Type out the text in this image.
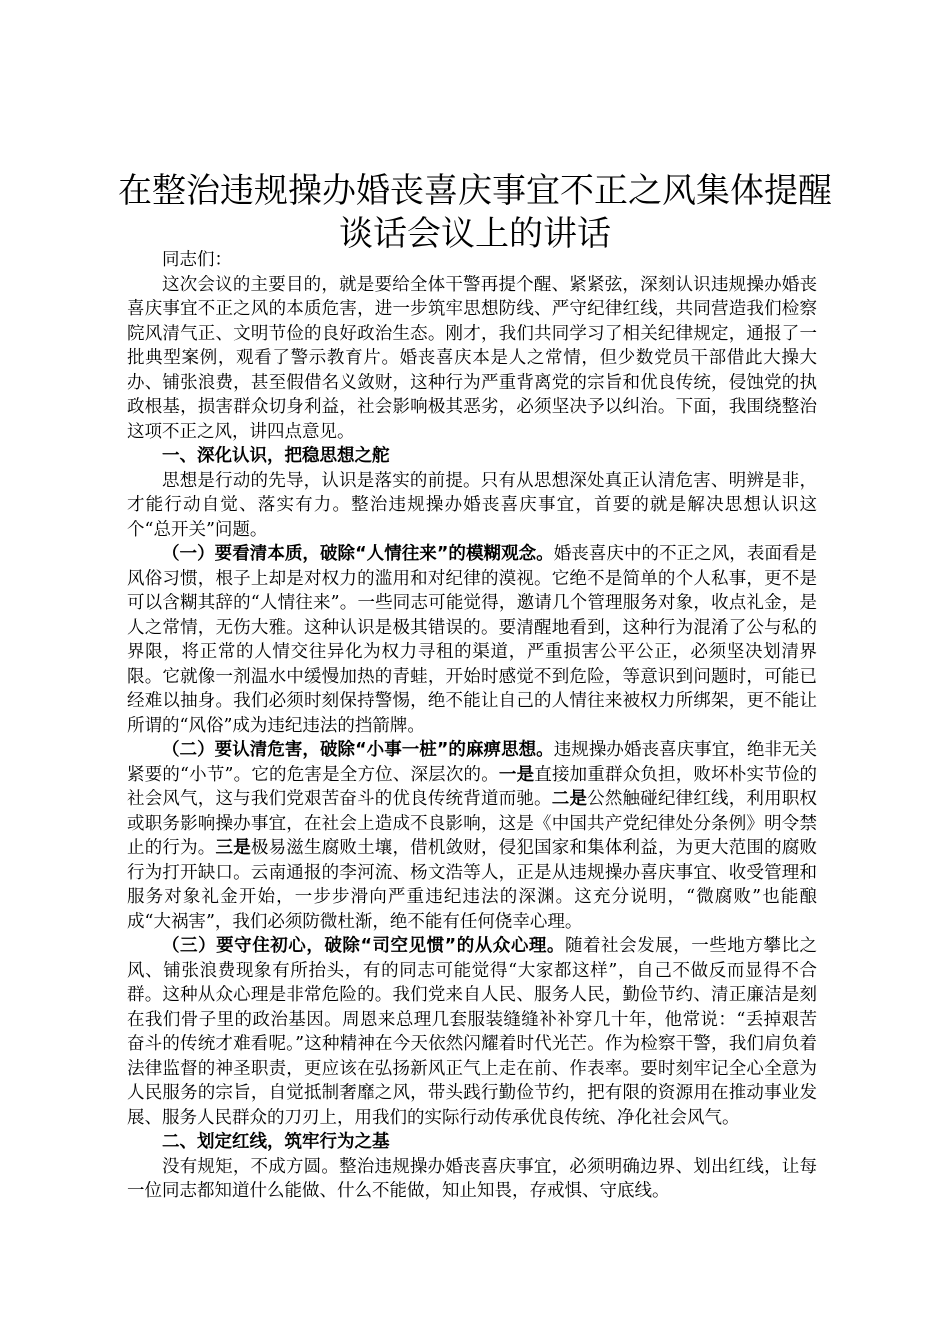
在整治违规操办婚丧喜庆事宜不正之风集体提醒谈话会议上的讲话

同志们：

这次会议的主要目的，就是要给全体干警再提个醒、紧紧弦，深刻认识违规操办婚丧喜庆事宜不正之风的本质危害，进一步筑牢思想防线、严守纪律红线，共同营造我们检察院风清气正、文明节俭的良好政治生态。刚才，我们共同学习了相关纪律规定，通报了一批典型案例，观看了警示教育片。婚丧喜庆本是人之常情，但少数党员干部借此大操大办、铺张浪费，甚至假借名义敛财，这种行为严重背离党的宗旨和优良传统，侵蚀党的执政根基，损害群众切身利益，社会影响极其恶劣，必须坚决予以纠治。下面，我围绕整治这项不正之风，讲四点意见。

一、深化认识，把稳思想之舵

思想是行动的先导，认识是落实的前提。只有从思想深处真正认清危害、明辨是非，才能行动自觉、落实有力。整治违规操办婚丧喜庆事宜，首要的就是解决思想认识这个“总开关”问题。

（一）要看清本质，破除“人情往来”的模糊观念。婚丧喜庆中的不正之风，表面看是风俗习惯，根子上却是对权力的滥用和对纪律的漠视。它绝不是简单的个人私事，更不是可以含糊其辞的“人情往来”。一些同志可能觉得，邀请几个管理服务对象，收点礼金，是人之常情，无伤大雅。这种认识是极其错误的。要清醒地看到，这种行为混淆了公与私的界限，将正常的人情交往异化为权力寻租的渠道，严重损害公平公正，必须坚决划清界限。它就像一剂温水中缓慢加热的青蛙，开始时感觉不到危险，等意识到问题时，可能已经难以抽身。我们必须时刻保持警惕，绝不能让自己的人情往来被权力所绑架，更不能让所谓的“风俗”成为违纪违法的挡箭牌。

（二）要认清危害，破除“小事一桩”的麻痹思想。违规操办婚丧喜庆事宜，绝非无关紧要的“小节”。它的危害是全方位、深层次的。一是直接加重群众负担，败坏朴实节俭的社会风气，这与我们党艰苦奋斗的优良传统背道而驰。二是公然触碰纪律红线，利用职权或职务影响操办事宜，在社会上造成不良影响，这是《中国共产党纪律处分条例》明令禁止的行为。三是极易滋生腐败土壤，借机敛财，侵犯国家和集体利益，为更大范围的腐败行为打开缺口。云南通报的李河流、杨文浩等人，正是从违规操办喜庆事宜、收受管理和服务对象礼金开始，一步步滑向严重违纪违法的深渊。这充分说明，“微腐败”也能酿成“大祸害”，我们必须防微杜渐，绝不能有任何侥幸心理。

（三）要守住初心，破除“司空见惯”的从众心理。随着社会发展，一些地方攀比之风、铺张浪费现象有所抬头，有的同志可能觉得“大家都这样”，自己不做反而显得不合群。这种从众心理是非常危险的。我们党来自人民、服务人民，勤俭节约、清正廉洁是刻在我们骨子里的政治基因。周恩来总理几套服装缝缝补补穿几十年，他常说：“丢掉艰苦奋斗的传统才难看呢。”这种精神在今天依然闪耀着时代光芒。作为检察干警，我们肩负着法律监督的神圣职责，更应该在弘扬新风正气上走在前、作表率。要时刻牢记全心全意为人民服务的宗旨，自觉抵制奢靡之风，带头践行勤俭节约，把有限的资源用在推动事业发展、服务人民群众的刀刃上，用我们的实际行动传承优良传统、净化社会风气。

二、划定红线，筑牢行为之基

没有规矩，不成方圆。整治违规操办婚丧喜庆事宜，必须明确边界、划出红线，让每一位同志都知道什么能做、什么不能做，知止知畏，存戒惧、守底线。
